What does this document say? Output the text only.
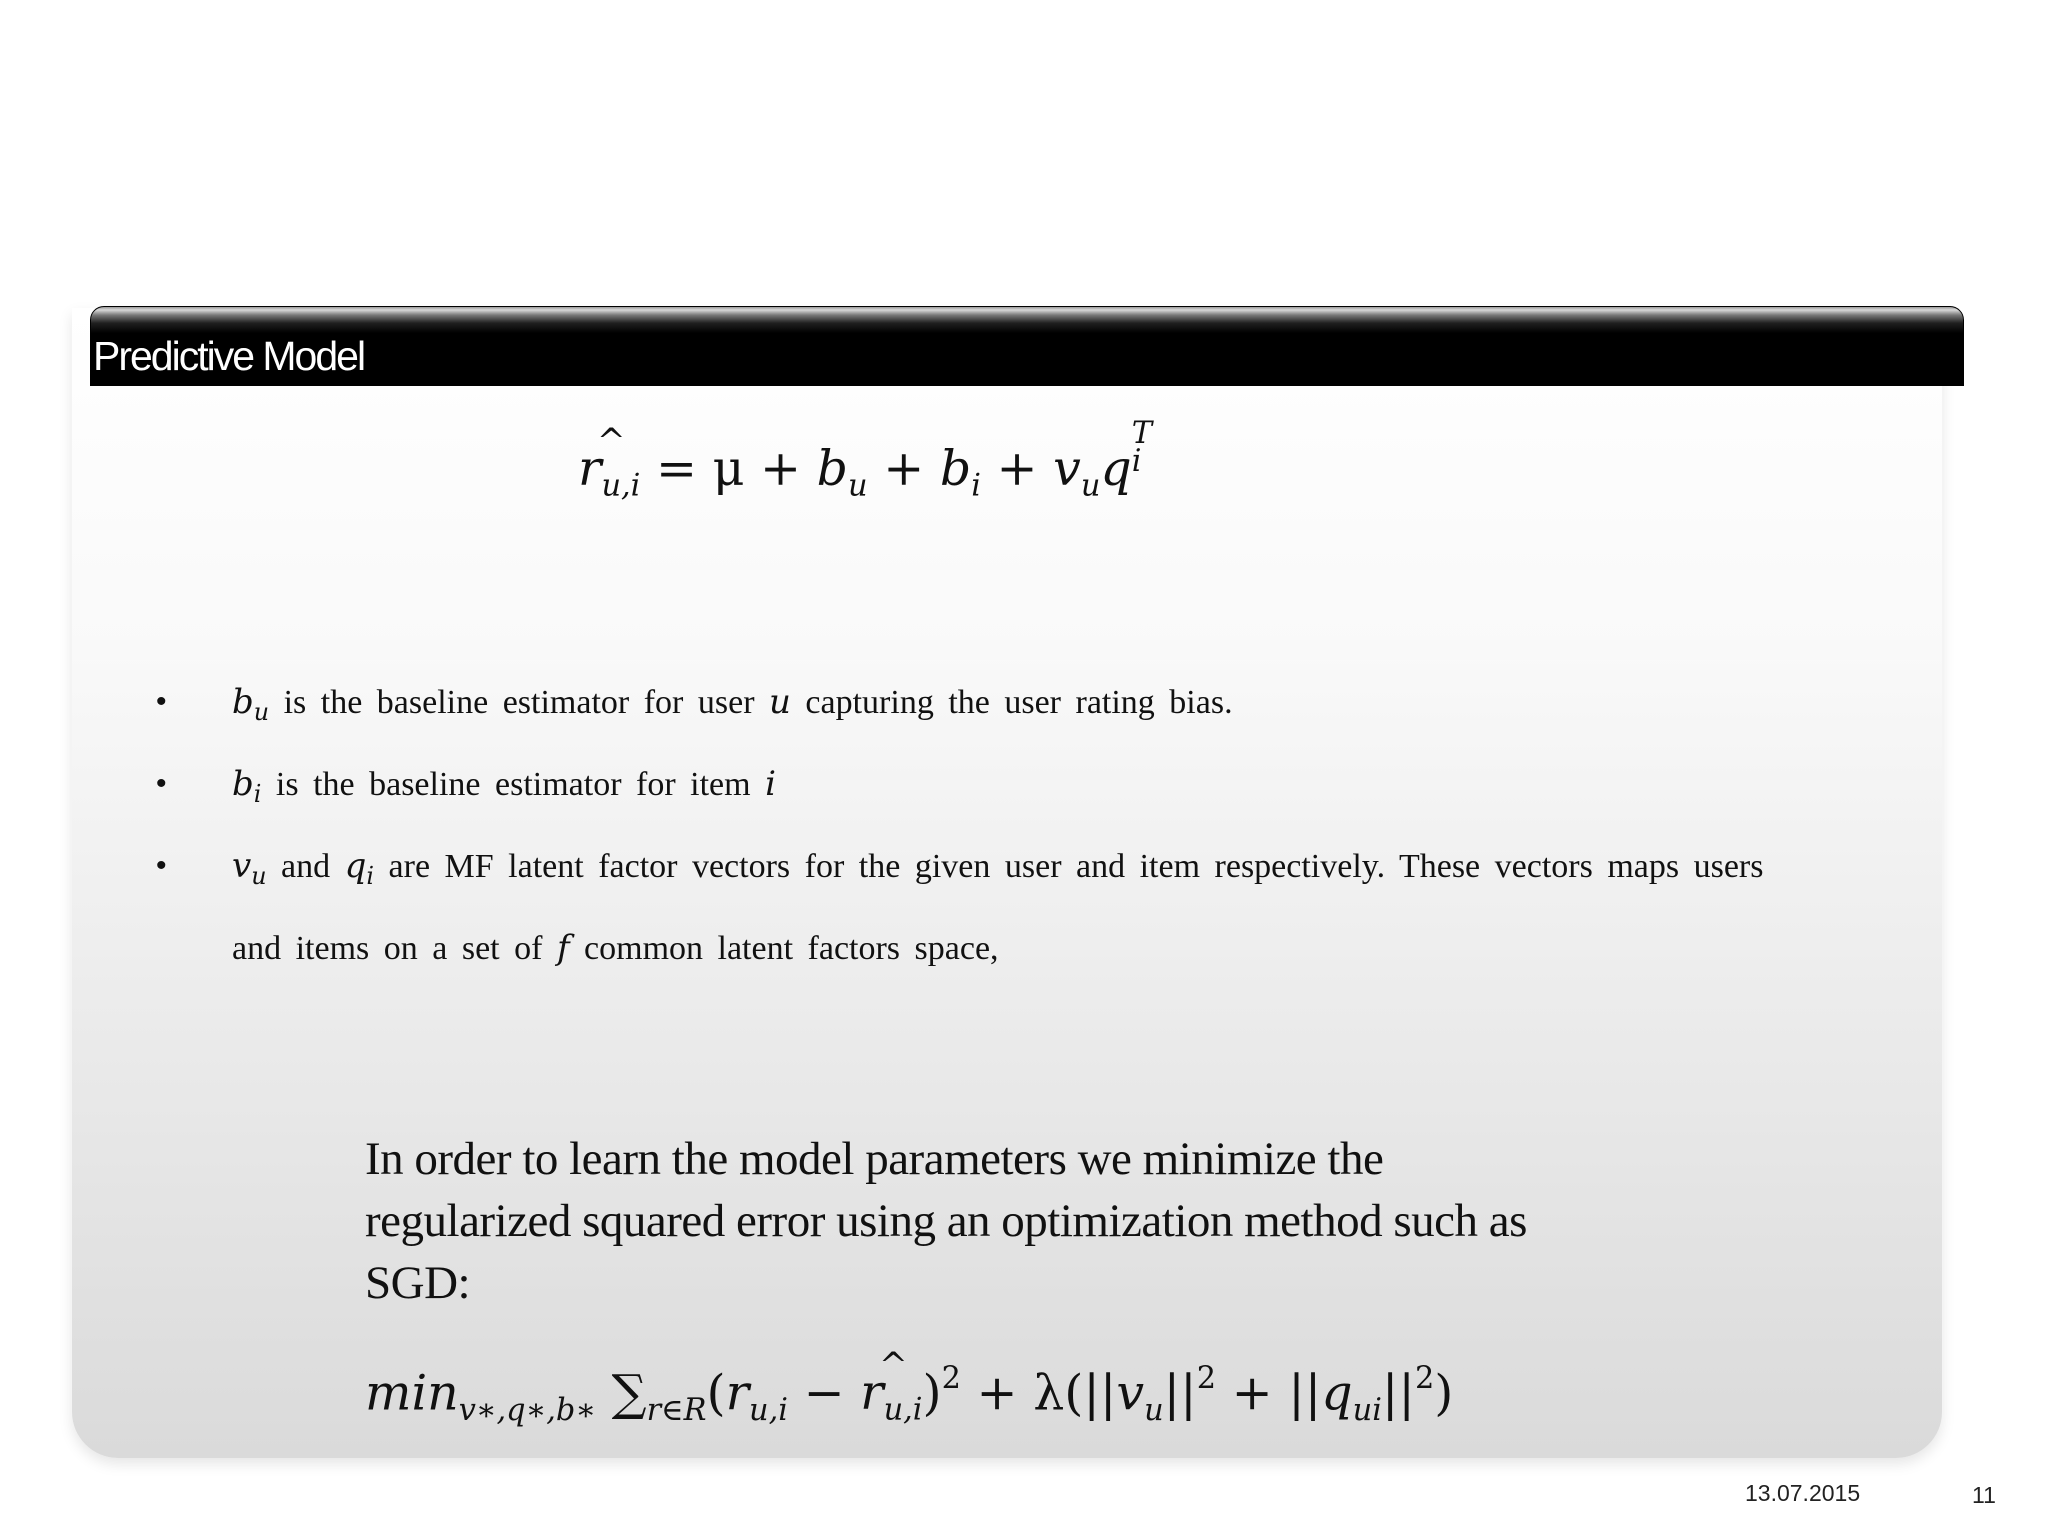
Predictive Model
r
^
$_{u,i} = \mu + b_u + b_i + v_uq$
T
i
• $b_u$ is the baseline estimator for user u capturing the user rating bias.
• $b_i$ is the baseline estimator for item i
• $v_u$ and $q_i$ are MF latent factor vectors for the given user and item respectively. These vectors maps users
and items on a set of f common latent factors space,

In order to learn the model parameters we minimize the
regularized squared error using an optimization method such as
SGD:

$\min_{v∗,q∗,b∗} \sum_{r\in R}(r_{u,i} - r$
^
$_{u,i})^2 + \lambda(||v_u||^2 + ||q_{ui}||^2)$
13.07.2015	11
